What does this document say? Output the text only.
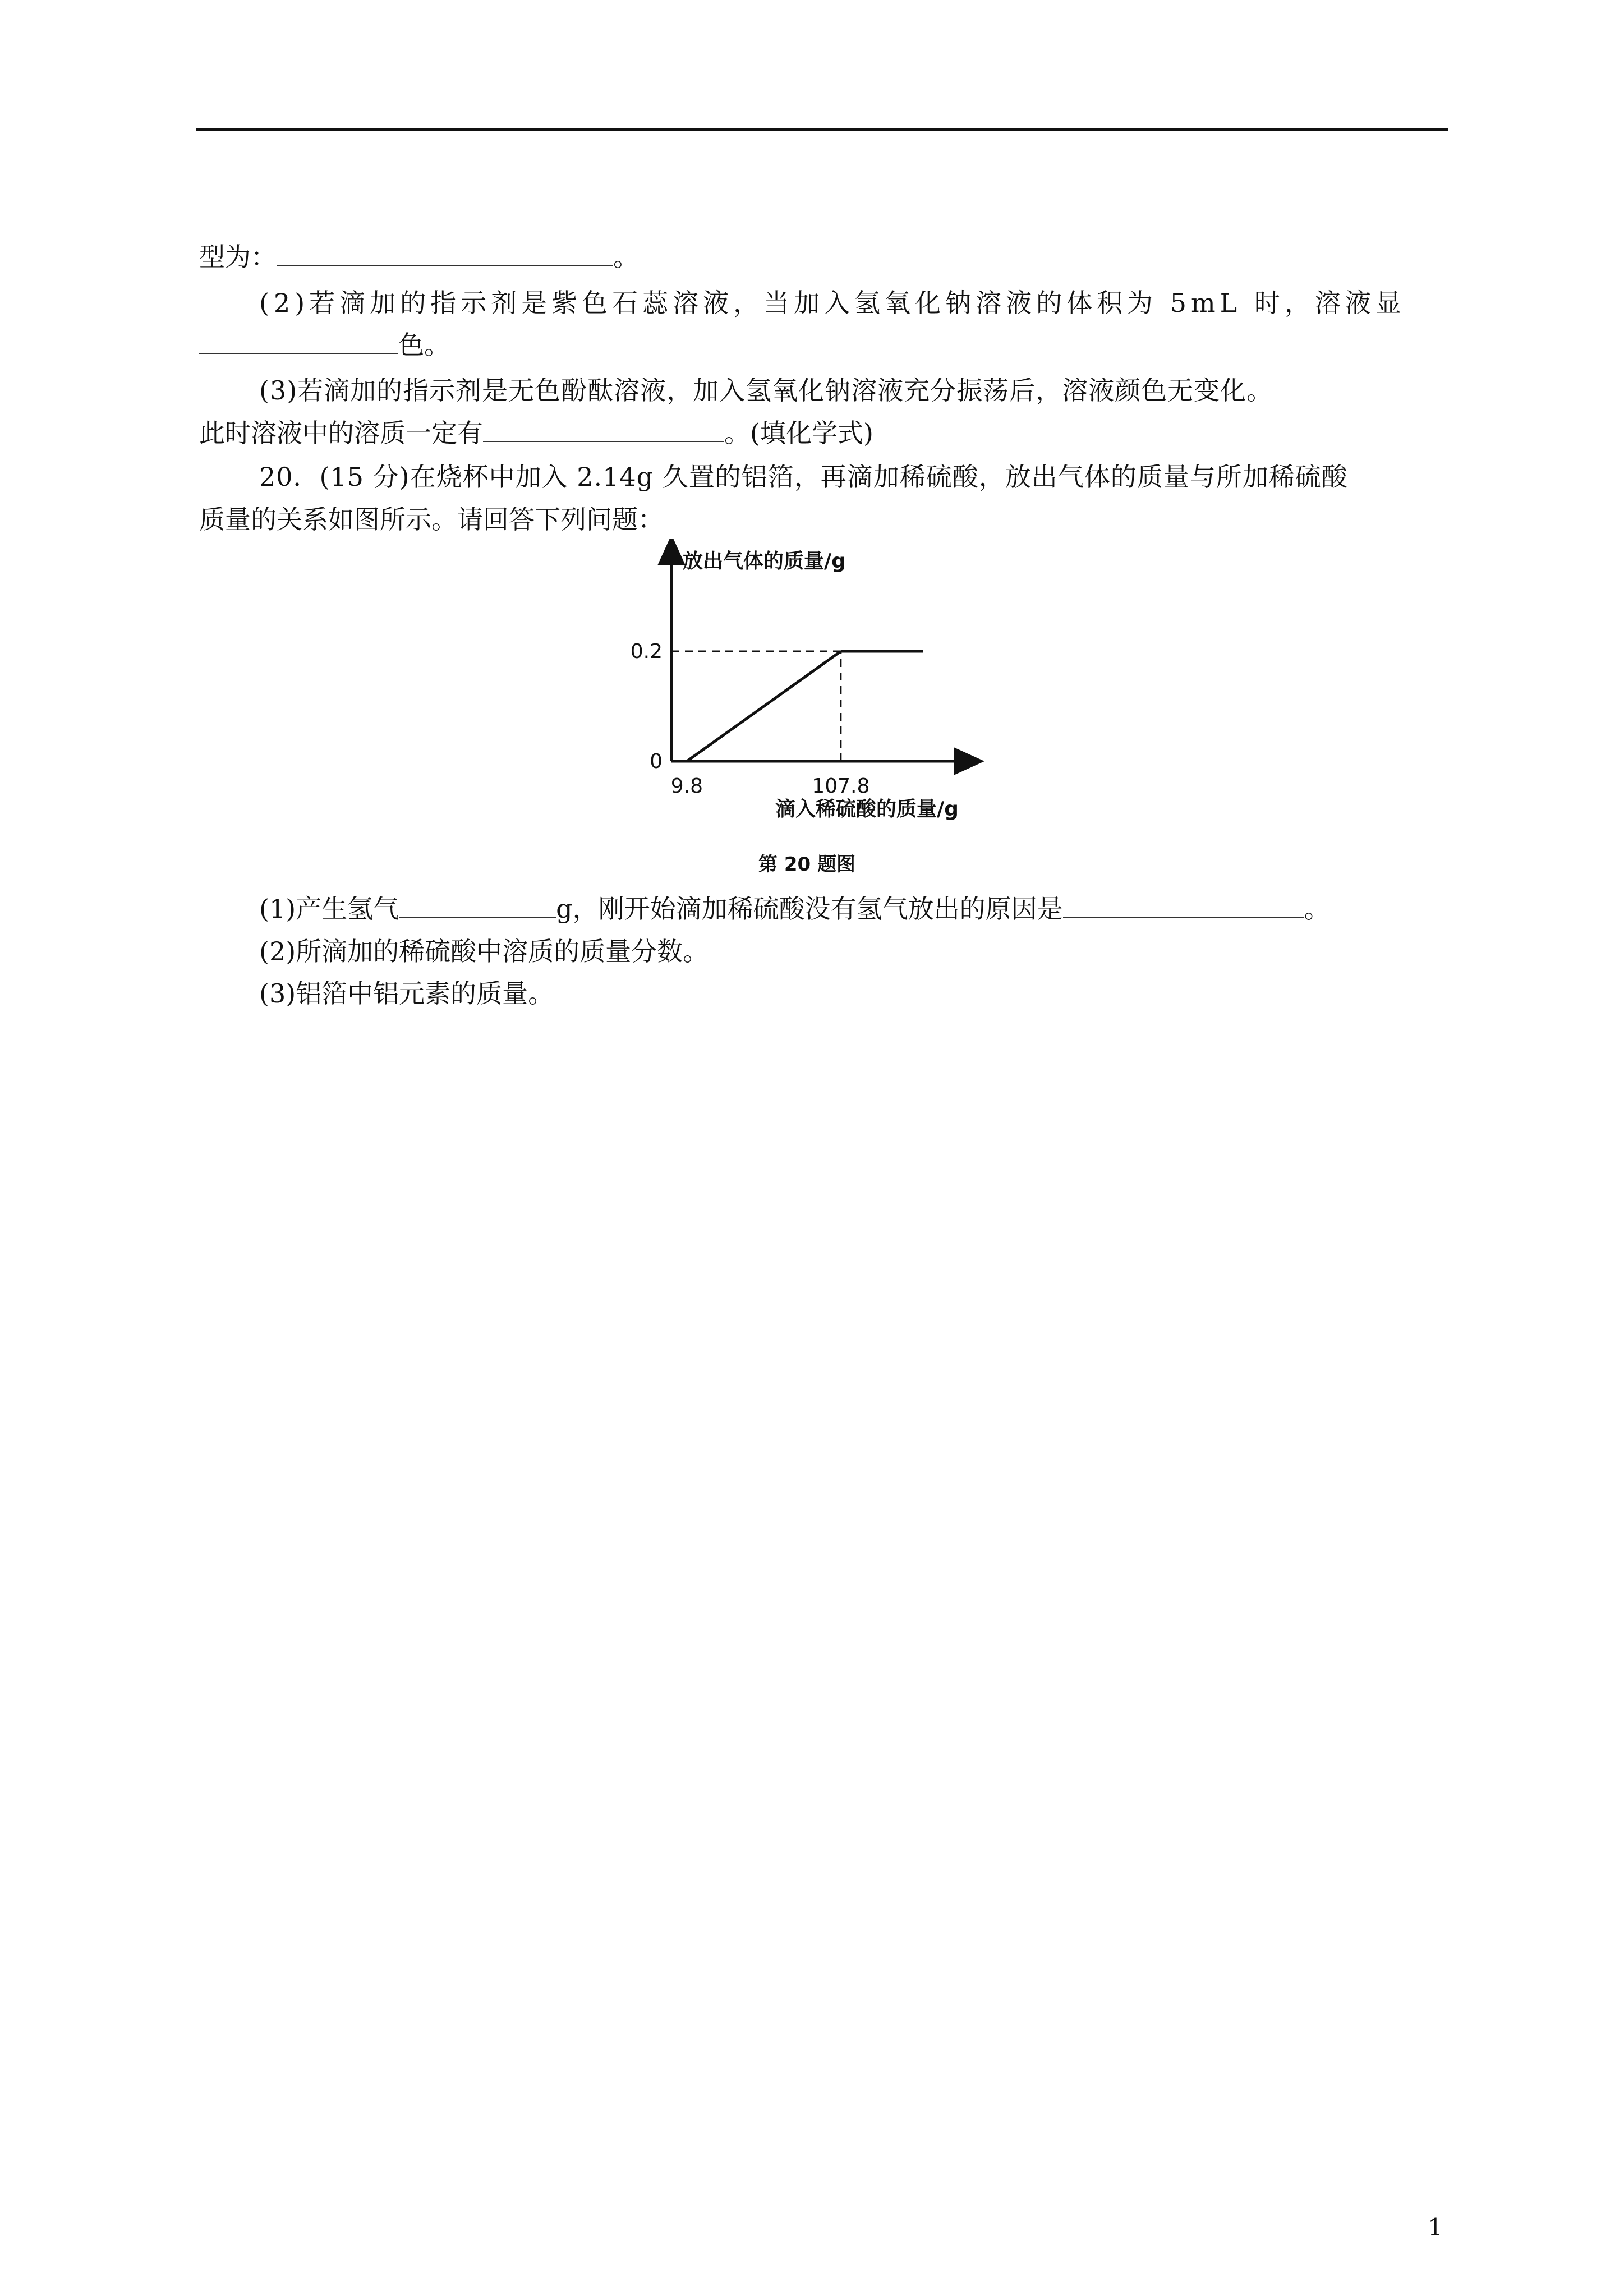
型为：	。
(2)若滴加的指示剂是紫色石蕊溶液，当加入氢氧化钠溶液的体积为 5mL 时，溶液显
色。
(3)若滴加的指示剂是无色酚酞溶液，加入氢氧化钠溶液充分振荡后，溶液颜色无变化。
此时溶液中的溶质一定有	。(填化学式)
20．(15 分)在烧杯中加入 2.14g 久置的铝箔，再滴加稀硫酸，放出气体的质量与所加稀硫酸
质量的关系如图所示。请回答下列问题：
放出气体的质量/g
滴入稀硫酸的质量/g
第 20 题图
9.8	107.8
0
0.2
(1)产生氢气	g，刚开始滴加稀硫酸没有氢气放出的原因是	。
(2)所滴加的稀硫酸中溶质的质量分数。
(3)铝箔中铝元素的质量。
1
